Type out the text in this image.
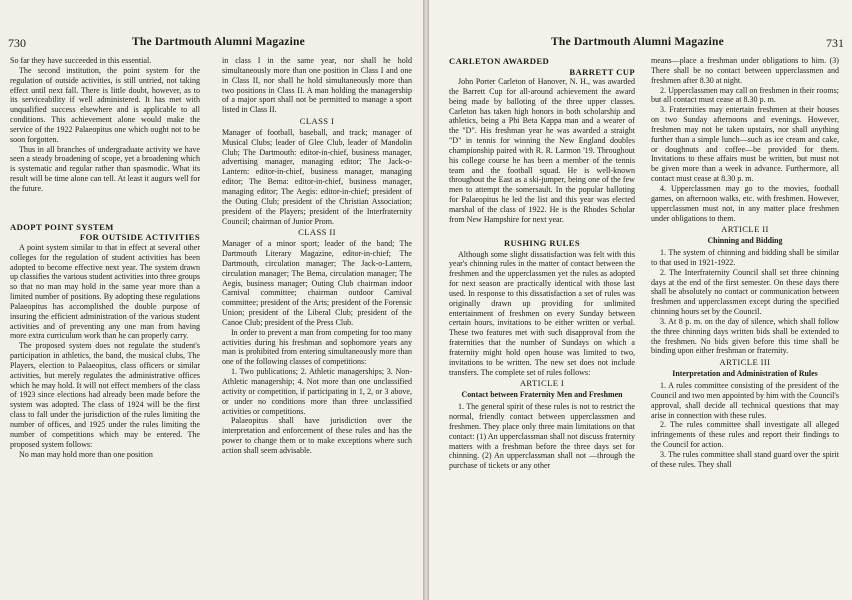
730	The Dartmouth Alumni Magazine

So far they have succeeded in this essential.

The second institution, the point system for the regulation of outside activities, is still untried, not taking effect until next fall. There is little doubt, however, as to its serviceability if well administered. It has met with unqualified success elsewhere and is applicable to all conditions. This achievement alone would make the service of the 1922 Palaeopitus one which ought not to be soon forgotten.

Thus in all branches of undergraduate activity we have seen a steady broadening of scope, yet a broadening which is systematic and regular rather than spasmodic. What its result will be time alone can tell. At least it augurs well for the future.

ADOPT POINT SYSTEM

FOR OUTSIDE ACTIVITIES

A point system similar to that in effect at several other colleges for the regulation of student activities has been adopted to become effective next year. The system drawn up classifies the various student activities into three groups so that no man may hold in the same year more than a limited number of positions. By adopting these regulations Palaeopitus has accomplished the double purpose of insuring the efficient administration of the various student activities and of preventing any one man from having more extra curriculum work than he can properly carry.

The proposed system does not regulate the student's participation in athletics, the band, the musical clubs, The Players, election to Palaeopitus, class officers or similar activities, but merely regulates the administrative offices which he may hold. It will not effect members of the class of 1923 since elections had already been made before the system was adopted. The class of 1924 will be the first class to fall under the jurisdiction of the rules limiting the number of offices, and 1925 under the rules limiting the number of competitions which may be entered. The proposed system follows:

No man may hold more than one position

in class I in the same year, nor shall he hold simultaneously more than one position in Class I and one in Class II, nor shall he hold simultaneously more than two positions in Class II. A man holding the managership of a major sport shall not be permitted to manage a sport listed in Class II.

CLASS I

Manager of football, baseball, and track; manager of Musical Clubs; leader of Glee Club, leader of Mandolin Club; The Dartmouth: editor-in-chief, business manager, advertising manager, managing editor; The Jack-o-Lantern: editor-in-chief, business manager, managing editor; The Bema: editor-in-chief, business manager, managing editor; The Aegis: editor-in-chief; president of the Outing Club; president of the Christian Association; president of the Players; president of the Interfraternity Council; chairman of Junior Prom.

CLASS II

Manager of a minor sport; leader of the band; The Dartmouth Literary Magazine, editor-in-chief; The Dartmouth, circulation manager; The Jack-o-Lantern, circulation manager; The Bema, circulation manager; The Aegis, business manager; Outing Club chairman indoor Carnival committee; chairman outdoor Carnival committee; president of the Arts; president of the Forensic Union; president of the Liberal Club; president of the Canoe Club; president of the Press Club.

In order to prevent a man from competing for too many activities during his freshman and sophomore years any man is prohibited from entering simultaneously more than one of the following classes of competitions:

1. Two publications; 2. Athletic managerships; 3. Non-Athletic managership; 4. Not more than one unclassified activity or competition, if participating in 1, 2, or 3 above, or under no conditions more than three unclassified activities or competitions.

Palaeopitus shall have jurisdiction over the interpretation and enforcement of these rules and has the power to change them or to make exceptions where such action shall seem advisable.

The Dartmouth Alumni Magazine	731

CARLETON AWARDED

BARRETT CUP

John Porter Carleton of Hanover, N. H., was awarded the Barrett Cup for all-around achievement the award being made by balloting of the three upper classes. Carleton has taken high honors in both scholarship and athletics, being a Phi Beta Kappa man and a wearer of the "D". His freshman year he was awarded a straight "D" in tennis for winning the New England doubles championship paired with R. R. Larmon '19. Throughout his college course he has been a member of the tennis team and the football squad. He is well-known throughout the East as a ski-jumper, being one of the few men to attempt the somersault. In the popular balloting for Palaeopitus he led the list and this year was elected marshal of the class of 1922. He is the Rhodes Scholar from New Hampshire for next year.

RUSHING RULES

Although some slight dissatisfaction was felt with this year's chinning rules in the matter of contact between the freshmen and the upperclassmen yet the rules as adopted for next season are practically identical with those last used. In response to this dissatisfaction a set of rules was originally drawn up providing for unlimited entertainment of freshmen on every Sunday between certain hours, invitations to be either written or verbal. These two features met with such disapproval from the fraternities that the number of Sundays on which a fraternity might hold open house was limited to two, invitations to be written. The new set does not include transfers. The complete set of rules follows:

ARTICLE I

Contact between Fraternity Men and Freshmen

1. The general spirit of these rules is not to restrict the normal, friendly contact between upperclassmen and freshmen. They place only three main limitations on that contact: (1) An upperclassman shall not discuss fraternity matters with a freshman before the three days set for chinning. (2) An upperclassman shall not —through the purchase of tickets or any other

means—place a freshman under obligations to him. (3) There shall be no contact between upperclassmen and freshmen after 8.30 at night.

2. Upperclassmen may call on freshmen in their rooms; but all contact must cease at 8.30 p. m.

3. Fraternities may entertain freshmen at their houses on two Sunday afternoons and evenings. However, freshmen may not be taken upstairs, nor shall anything further than a simple lunch—such as ice cream and cake, or doughnuts and coffee—be provided for them. Invitations to these affairs must be written, but must not be given more than a week in advance. Furthermore, all contact must cease at 8.30 p. m.

4. Upperclassmen may go to the movies, football games, on afternoon walks, etc. with freshmen. However, upperclassmen must not, in any matter place freshmen under obligations to them.

ARTICLE II

Chinning and Bidding

1. The system of chinning and bidding shall be similar to that used in 1921-1922.

2. The Interfraternity Council shall set three chinning days at the end of the first semester. On these days there shall be absolutely no contact or communication between freshmen and upperclassmen except during the specified chinning hours set by the Council.

3. At 8 p. m. on the day of silence, which shall follow the three chinning days written bids shall be extended to the freshmen. No bids given before this time shall be binding upon either freshman or fraternity.

ARTICLE III

Interpretation and Administration of Rules

1. A rules committee consisting of the president of the Council and two men appointed by him with the Council's approval, shall decide all technical questions that may arise in connection with these rules.

2. The rules committee shall investigate all alleged infringements of these rules and report their findings to the Council for action.

3. The rules committee shall stand guard over the spirit of these rules. They shall
